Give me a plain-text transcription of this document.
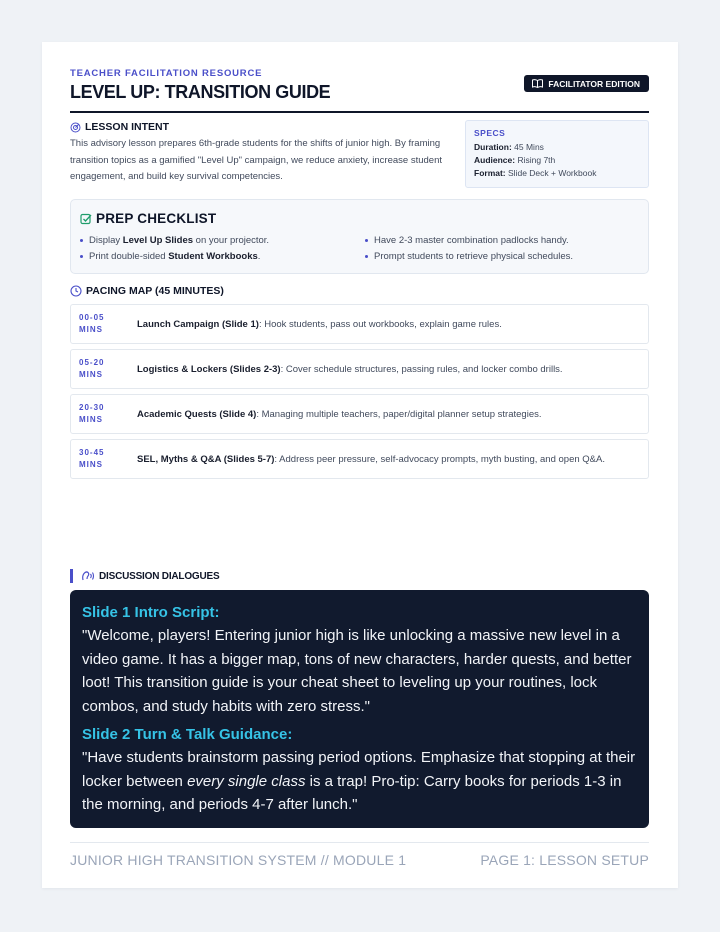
TEACHER FACILITATION RESOURCE
LEVEL UP: TRANSITION GUIDE	FACILITATOR EDITION
LESSON INTENT
This advisory lesson prepares 6th-grade students for the shifts of junior high. By framing transition topics as a gamified "Level Up" campaign, we reduce anxiety, increase student engagement, and build key survival competencies.
SPECS
Duration: 45 Mins
Audience: Rising 7th
Format: Slide Deck + Workbook
PREP CHECKLIST
Display Level Up Slides on your projector.
Print double-sided Student Workbooks.
Have 2-3 master combination padlocks handy.
Prompt students to retrieve physical schedules.
PACING MAP (45 MINUTES)
00-05
MINS	Launch Campaign (Slide 1): Hook students, pass out workbooks, explain game rules.
05-20
MINS	Logistics & Lockers (Slides 2-3): Cover schedule structures, passing rules, and locker combo drills.
20-30
MINS	Academic Quests (Slide 4): Managing multiple teachers, paper/digital planner setup strategies.
30-45
MINS	SEL, Myths & Q&A (Slides 5-7): Address peer pressure, self-advocacy prompts, myth busting, and open Q&A.
DISCUSSION DIALOGUES
Slide 1 Intro Script:
"Welcome, players! Entering junior high is like unlocking a massive new level in a video game. It has a bigger map, tons of new characters, harder quests, and better loot! This transition guide is your cheat sheet to leveling up your routines, lock combos, and study habits with zero stress."
Slide 2 Turn & Talk Guidance:
"Have students brainstorm passing period options. Emphasize that stopping at their locker between every single class is a trap! Pro-tip: Carry books for periods 1-3 in the morning, and periods 4-7 after lunch."
JUNIOR HIGH TRANSITION SYSTEM // MODULE 1	PAGE 1: LESSON SETUP
